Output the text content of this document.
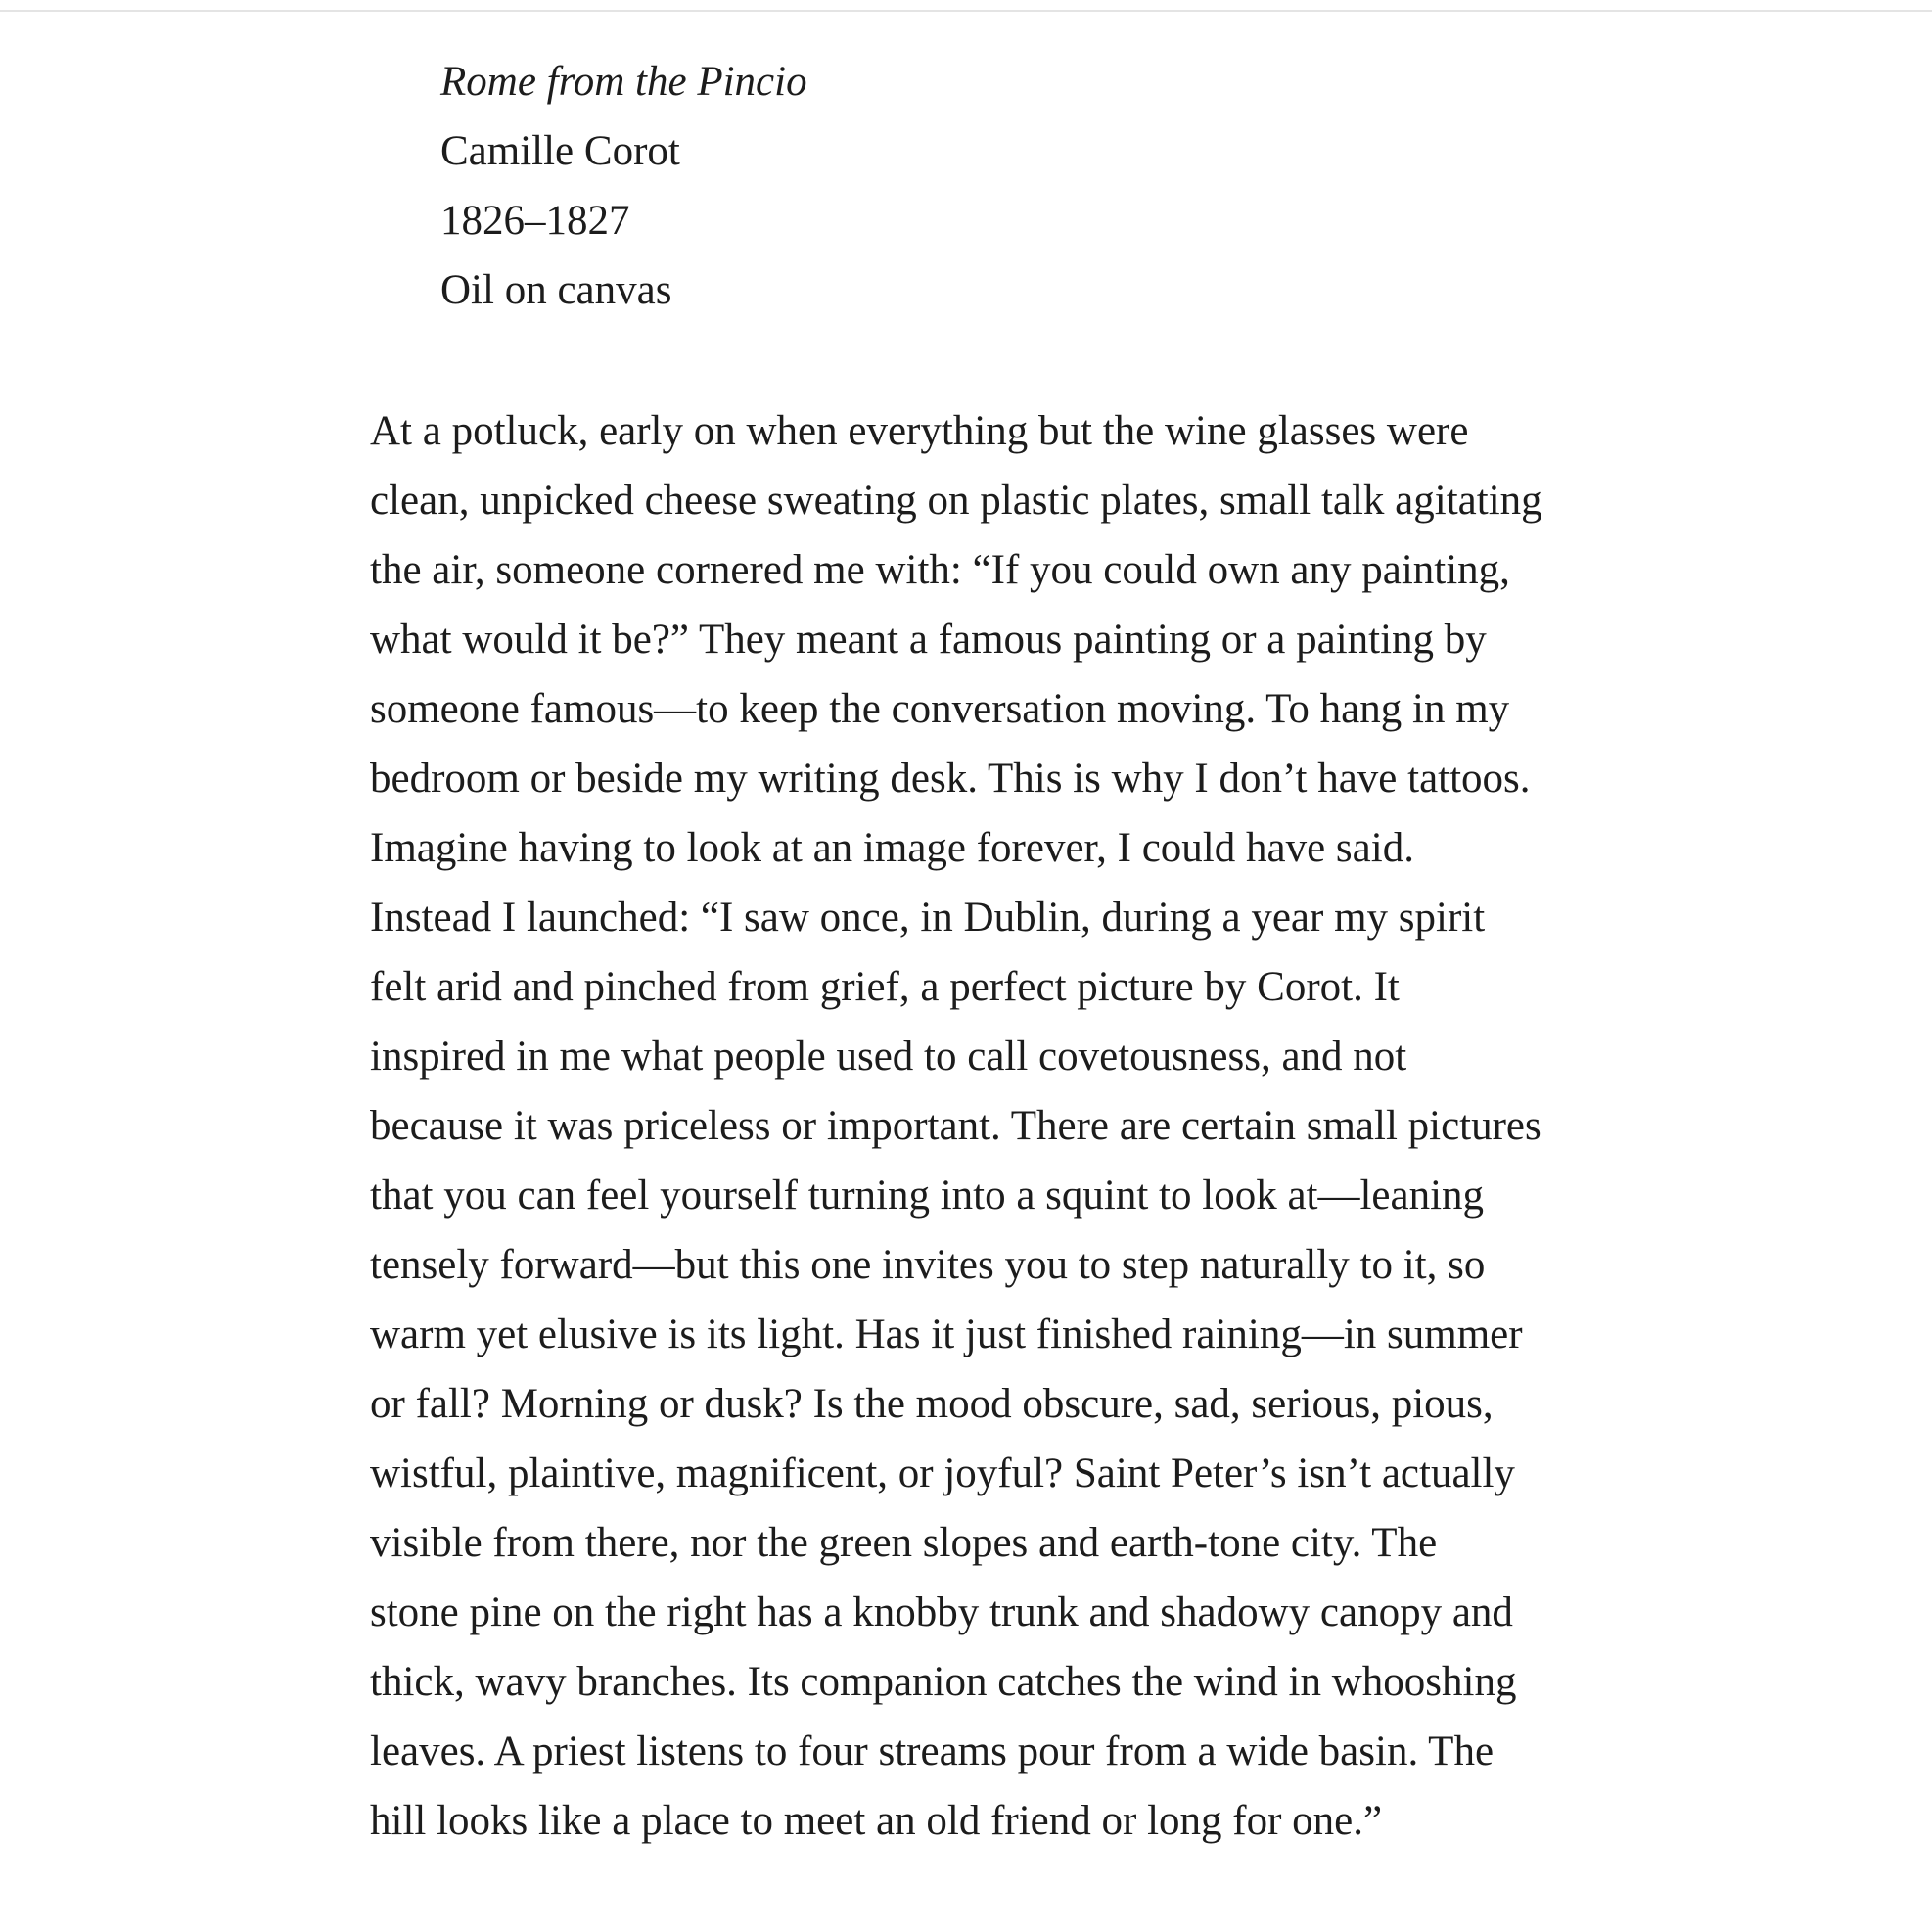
Rome from the Pincio
Camille Corot
1826–1827
Oil on canvas
At a potluck, early on when everything but the wine glasses were
clean, unpicked cheese sweating on plastic plates, small talk agitating
the air, someone cornered me with: “If you could own any painting,
what would it be?” They meant a famous painting or a painting by
someone famous—to keep the conversation moving. To hang in my
bedroom or beside my writing desk. This is why I don’t have tattoos.
Imagine having to look at an image forever, I could have said.
Instead I launched: “I saw once, in Dublin, during a year my spirit
felt arid and pinched from grief, a perfect picture by Corot. It
inspired in me what people used to call covetousness, and not
because it was priceless or important. There are certain small pictures
that you can feel yourself turning into a squint to look at—leaning
tensely forward—but this one invites you to step naturally to it, so
warm yet elusive is its light. Has it just finished raining—in summer
or fall? Morning or dusk? Is the mood obscure, sad, serious, pious,
wistful, plaintive, magnificent, or joyful? Saint Peter’s isn’t actually
visible from there, nor the green slopes and earth-tone city. The
stone pine on the right has a knobby trunk and shadowy canopy and
thick, wavy branches. Its companion catches the wind in whooshing
leaves. A priest listens to four streams pour from a wide basin. The
hill looks like a place to meet an old friend or long for one.”
